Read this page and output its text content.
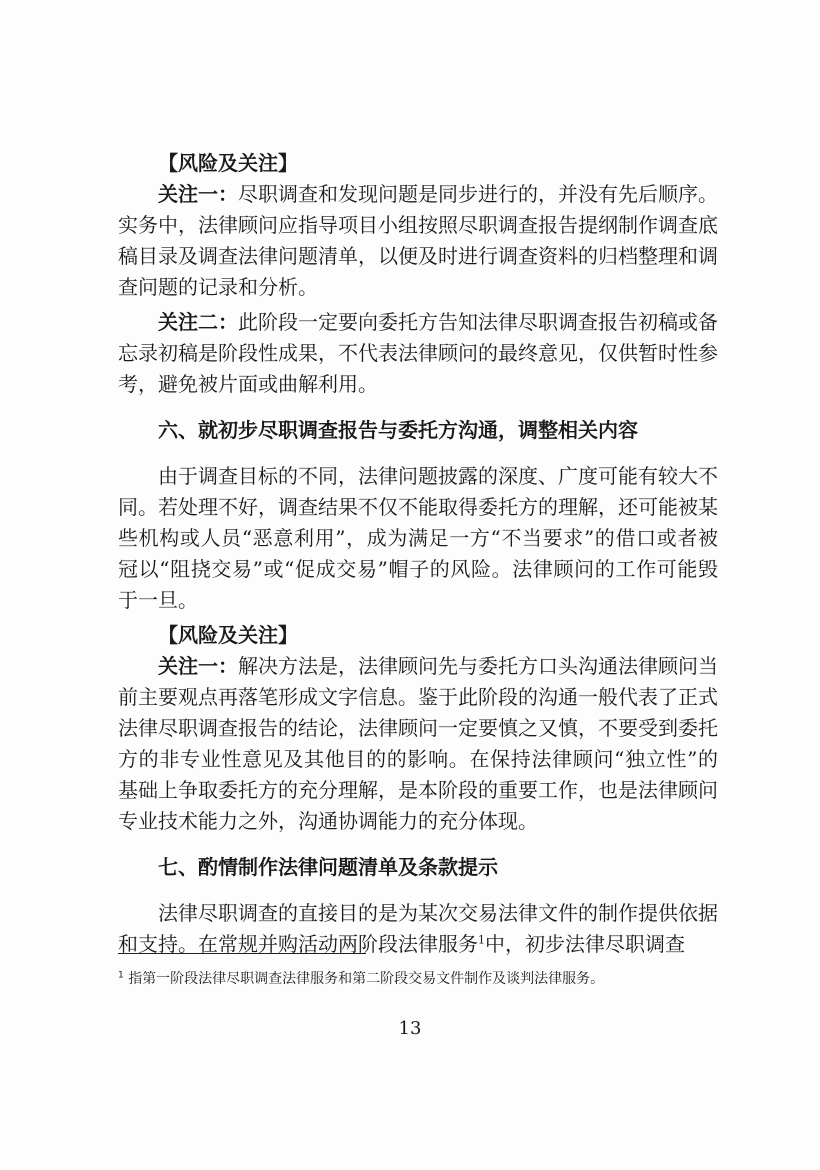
【风险及关注】

关注一：尽职调查和发现问题是同步进行的，并没有先后顺序。实务中，法律顾问应指导项目小组按照尽职调查报告提纲制作调查底稿目录及调查法律问题清单，以便及时进行调查资料的归档整理和调查问题的记录和分析。

关注二：此阶段一定要向委托方告知法律尽职调查报告初稿或备忘录初稿是阶段性成果，不代表法律顾问的最终意见，仅供暂时性参考，避免被片面或曲解利用。

六、就初步尽职调查报告与委托方沟通，调整相关内容

由于调查目标的不同，法律问题披露的深度、广度可能有较大不同。若处理不好，调查结果不仅不能取得委托方的理解，还可能被某些机构或人员“恶意利用”，成为满足一方“不当要求”的借口或者被冠以“阻挠交易”或“促成交易”帽子的风险。法律顾问的工作可能毁于一旦。

【风险及关注】

关注一：解决方法是，法律顾问先与委托方口头沟通法律顾问当前主要观点再落笔形成文字信息。鉴于此阶段的沟通一般代表了正式法律尽职调查报告的结论，法律顾问一定要慎之又慎，不要受到委托方的非专业性意见及其他目的的影响。在保持法律顾问“独立性”的基础上争取委托方的充分理解，是本阶段的重要工作，也是法律顾问专业技术能力之外，沟通协调能力的充分体现。

七、酌情制作法律问题清单及条款提示

法律尽职调查的直接目的是为某次交易法律文件的制作提供依据和支持。在常规并购活动两阶段法律服务$^1$中，初步法律尽职调查

$^1$ 指第一阶段法律尽职调查法律服务和第二阶段交易文件制作及谈判法律服务。
13
